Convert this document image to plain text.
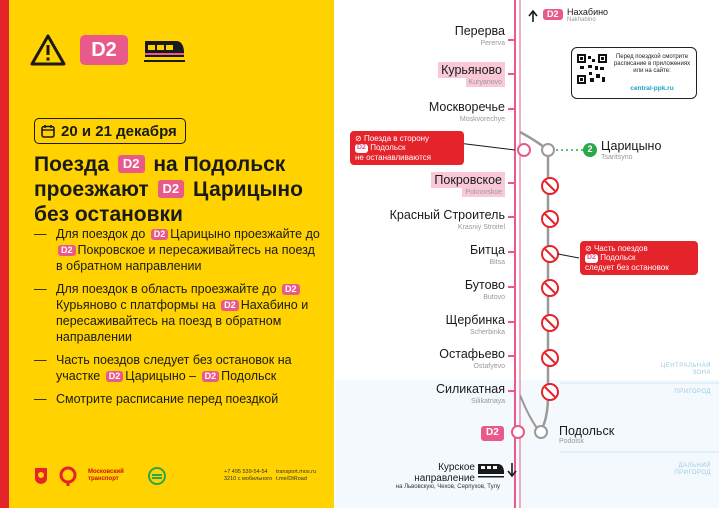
D2
20 и 21 декабря
Поезда D2 на Подольск
проезжают D2 Царицыно
без остановки
— Для поездок до D2 Царицыно проезжайте до D2 Покровское и пересаживайтесь на поезд в обратном направлении
— Для поездок в область проезжайте до D2Курьяново с платформы на D2 Нахабино и пересаживайтесь на поезд в обратном направлении
— Часть поездов следует без остановок на участке D2 Царицыно – D2 Подольск
— Смотрите расписание перед поездкой
Московский транспорт
+7 495 539-54-54
3210 с мобильного
transport.mos.ru
t.me/DtRoad
D2 Нахабино
Nakhabino
Перерва
Pererva
Курьяново
Kuryanovo
Москворечье
Moskvorechye
Покровское
Pokrovskoe
Красный Строитель
Krasniy Stroitel
Битца
Bitsa
Бутово
Butovo
Щербинка
Scherbinka
Остафьево
Ostafyevo
Силикатная
Silikatnaya
2 Царицыно
Tsaritsyno
D2	Подольск
Podolsk
Курское направление
на Львовскую, Чехов, Серпухов, Тулу
⊘ Поезда в сторону
D2 Подольск
не останавливаются
⊘ Часть поездов
D2 Подольск
следует без остановок
Перед поездкой смотрите расписание в приложениях или на сайте:
central-ppk.ru
ЦЕНТРАЛЬНАЯ ЗОНА
ПРИГОРОД
ДАЛЬНИЙ ПРИГОРОД
